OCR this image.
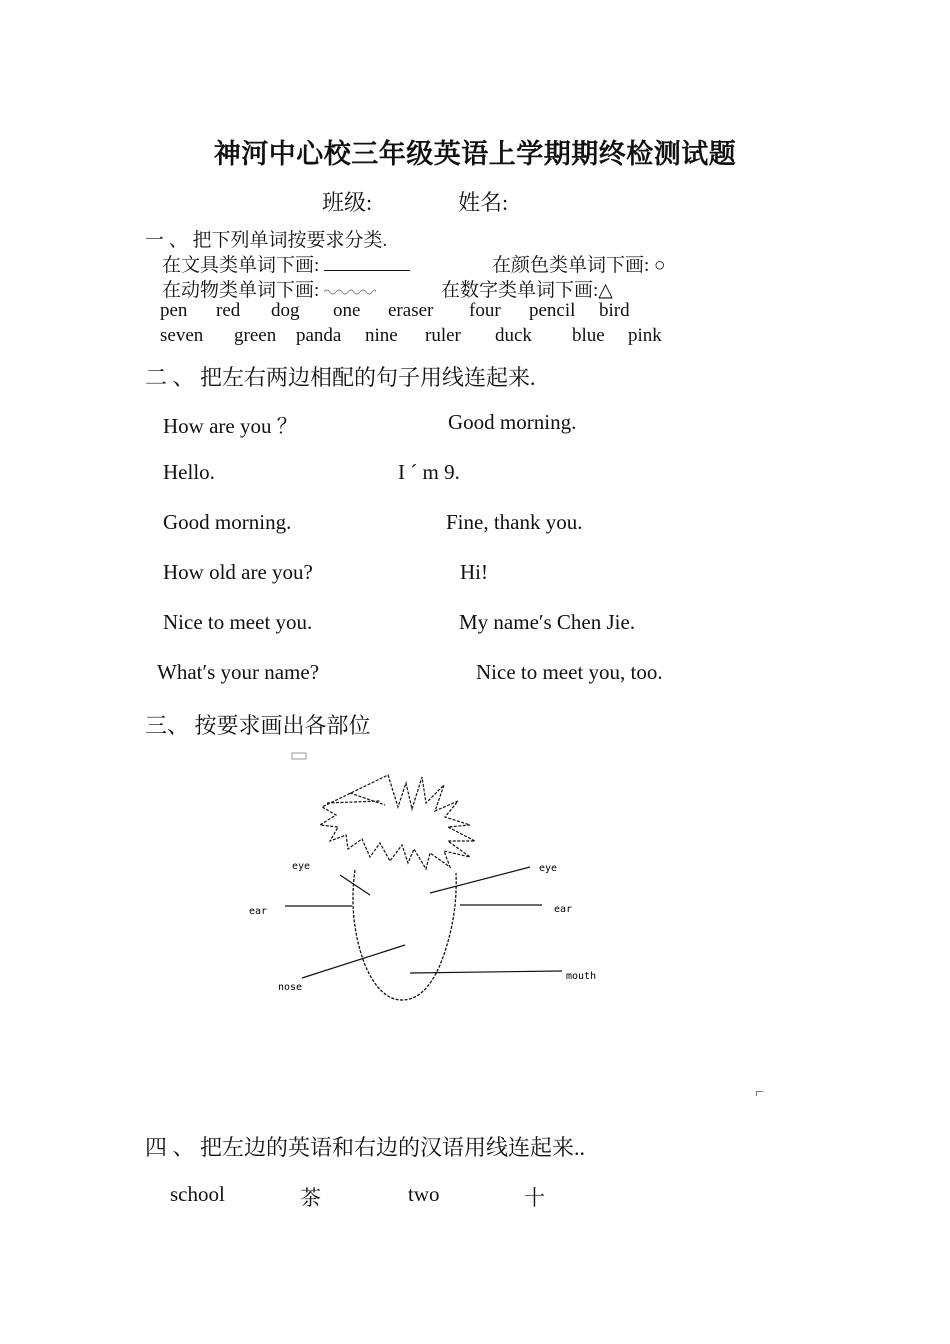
神河中心校三年级英语上学期期终检测试题
班级:	姓名:
一 、 把下列单词按要求分类.
在文具类单词下画:	在颜色类单词下画: ○
在动物类单词下画:	在数字类单词下画:△
pen red dog one eraser four pencil bird
seven green panda nine ruler duck blue pink
二 、 把左右两边相配的句子用线连起来.
How are you ？	Good morning.
Hello.	I ´ m 9.
Good morning.	Fine, thank you.
How old are you?	Hi!
Nice to meet you.	My name′s Chen Jie.
What′s your name?	Nice to meet you, too.
三、 按要求画出各部位
eye	eye
ear	ear
nose
mouth
四 、 把左边的英语和右边的汉语用线连起来..
school	茶	two	十
